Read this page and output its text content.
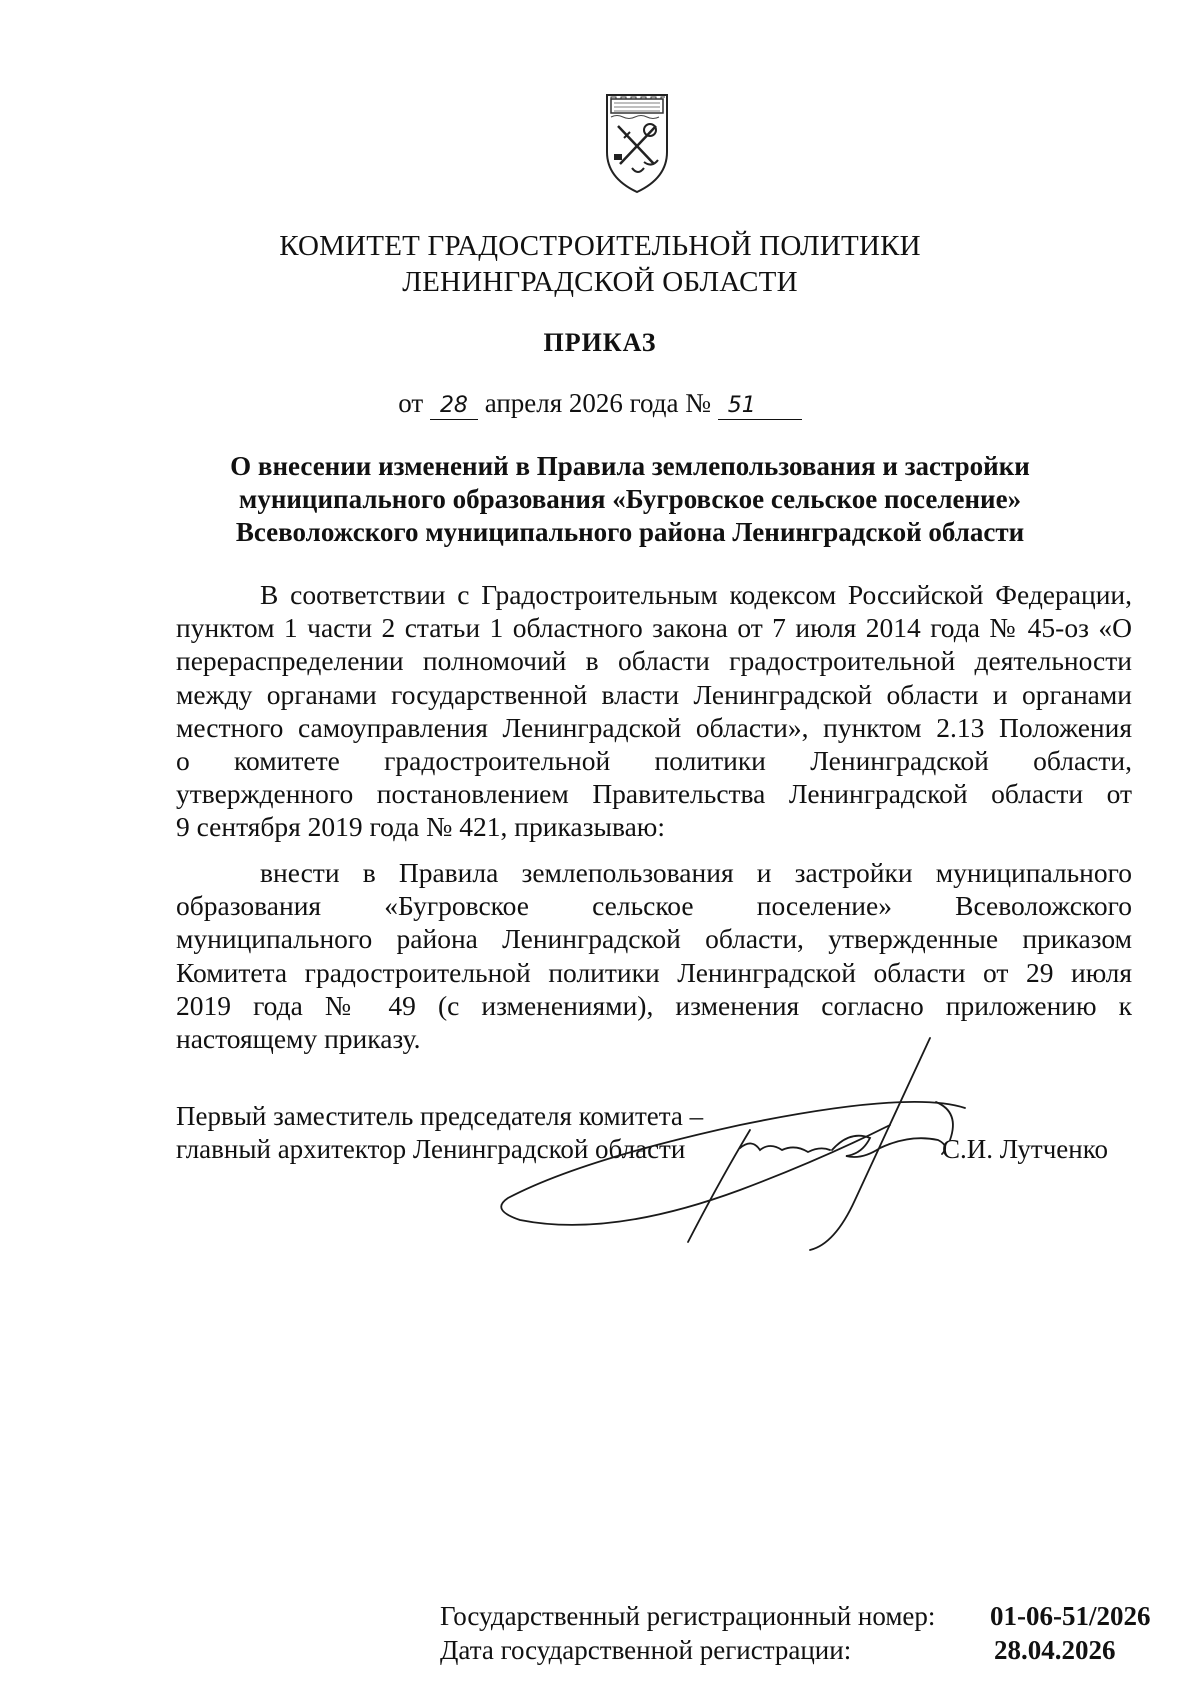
КОМИТЕТ ГРАДОСТРОИТЕЛЬНОЙ ПОЛИТИКИ
ЛЕНИНГРАДСКОЙ ОБЛАСТИ
ПРИКАЗ
от 28 апреля 2026 года № 51
О внесении изменений в Правила землепользования и застройки
муниципального образования «Бугровское сельское поселение»
Всеволожского муниципального района Ленинградской области
В соответствии с Градостроительным кодексом Российской Федерации,
пунктом 1 части 2 статьи 1 областного закона от 7 июля 2014 года № 45-оз «О
перераспределении полномочий в области градостроительной деятельности
между органами государственной власти Ленинградской области и органами
местного самоуправления Ленинградской области», пунктом 2.13 Положения
о комитете градостроительной политики Ленинградской области,
утвержденного постановлением Правительства Ленинградской области от
9 сентября 2019 года № 421, приказываю:
внести в Правила землепользования и застройки муниципального
образования «Бугровское сельское поселение» Всеволожского
муниципального района Ленинградской области, утвержденные приказом
Комитета градостроительной политики Ленинградской области от 29 июля
2019 года № 49 (с изменениями), изменения согласно приложению к
настоящему приказу.
Первый заместитель председателя комитета –
главный архитектор Ленинградской области	С.И. Лутченко
Государственный регистрационный номер: 01-06-51/2026
Дата государственной регистрации:	28.04.2026
